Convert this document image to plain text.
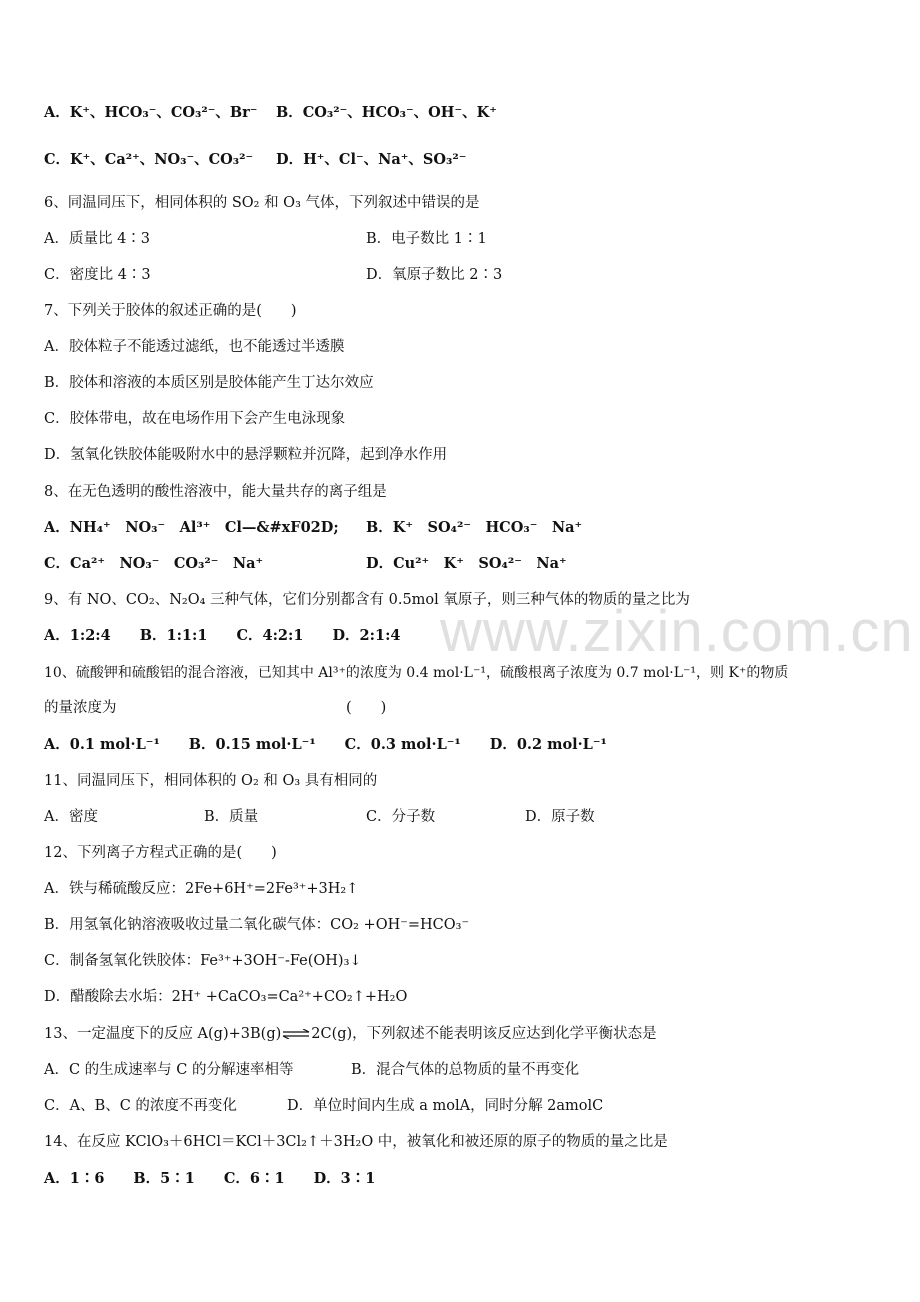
www.zixin.com.cn
A．K⁺、HCO₃⁻、CO₃²⁻、Br⁻ B．CO₃²⁻、HCO₃⁻、OH⁻、K⁺
C．K⁺、Ca²⁺、NO₃⁻、CO₃²⁻ D．H⁺、Cl⁻、Na⁺、SO₃²⁻
6、同温同压下，相同体积的 SO₂ 和 O₃ 气体，下列叙述中错误的是
A．质量比 4∶3	B．电子数比 1∶1
C．密度比 4∶3	D．氧原子数比 2∶3
7、下列关于胶体的叙述正确的是(　　)
A．胶体粒子不能透过滤纸，也不能透过半透膜
B．胶体和溶液的本质区别是胶体能产生丁达尔效应
C．胶体带电，故在电场作用下会产生电泳现象
D．氢氧化铁胶体能吸附水中的悬浮颗粒并沉降，起到净水作用
8、在无色透明的酸性溶液中，能大量共存的离子组是
A．NH₄⁺　NO₃⁻　Al³⁺　Cl—&#xF02D; B．K⁺　SO₄²⁻　HCO₃⁻　Na⁺
C．Ca²⁺　NO₃⁻　CO₃²⁻　Na⁺	D．Cu²⁺　K⁺　SO₄²⁻　Na⁺
9、有 NO、CO₂、N₂O₄ 三种气体，它们分别都含有 0.5mol 氧原子，则三种气体的物质的量之比为
A．1:2:4　　B．1:1:1　　C．4:2:1　　D．2:1:4
10、硫酸钾和硫酸铝的混合溶液，已知其中 Al³⁺的浓度为 0.4 mol·L⁻¹，硫酸根离子浓度为 0.7 mol·L⁻¹，则 K⁺的物质
的量浓度为	(　　)
A．0.1 mol·L⁻¹　　B．0.15 mol·L⁻¹　　C．0.3 mol·L⁻¹　　D．0.2 mol·L⁻¹
11、同温同压下，相同体积的 O₂ 和 O₃ 具有相同的
A．密度	B．质量	C．分子数	D．原子数
12、下列离子方程式正确的是(　　)
A．铁与稀硫酸反应：2Fe+6H⁺=2Fe³⁺+3H₂↑
B．用氢氧化钠溶液吸收过量二氧化碳气体：CO₂ +OH⁻=HCO₃⁻
C．制备氢氧化铁胶体：Fe³⁺+3OH⁻-Fe(OH)₃↓
D．醋酸除去水垢：2H⁺ +CaCO₃=Ca²⁺+CO₂↑+H₂O
13、一定温度下的反应 A(g)+3B(g)⇌2C(g)，下列叙述不能表明该反应达到化学平衡状态是
A．C 的生成速率与 C 的分解速率相等	B．混合气体的总物质的量不再变化
C．A、B、C 的浓度不再变化	D．单位时间内生成 a molA，同时分解 2amolC
14、在反应 KClO₃＋6HCl＝KCl＋3Cl₂↑＋3H₂O 中，被氧化和被还原的原子的物质的量之比是
A．1∶6　　B．5∶1　　C．6∶1　　D．3∶1
